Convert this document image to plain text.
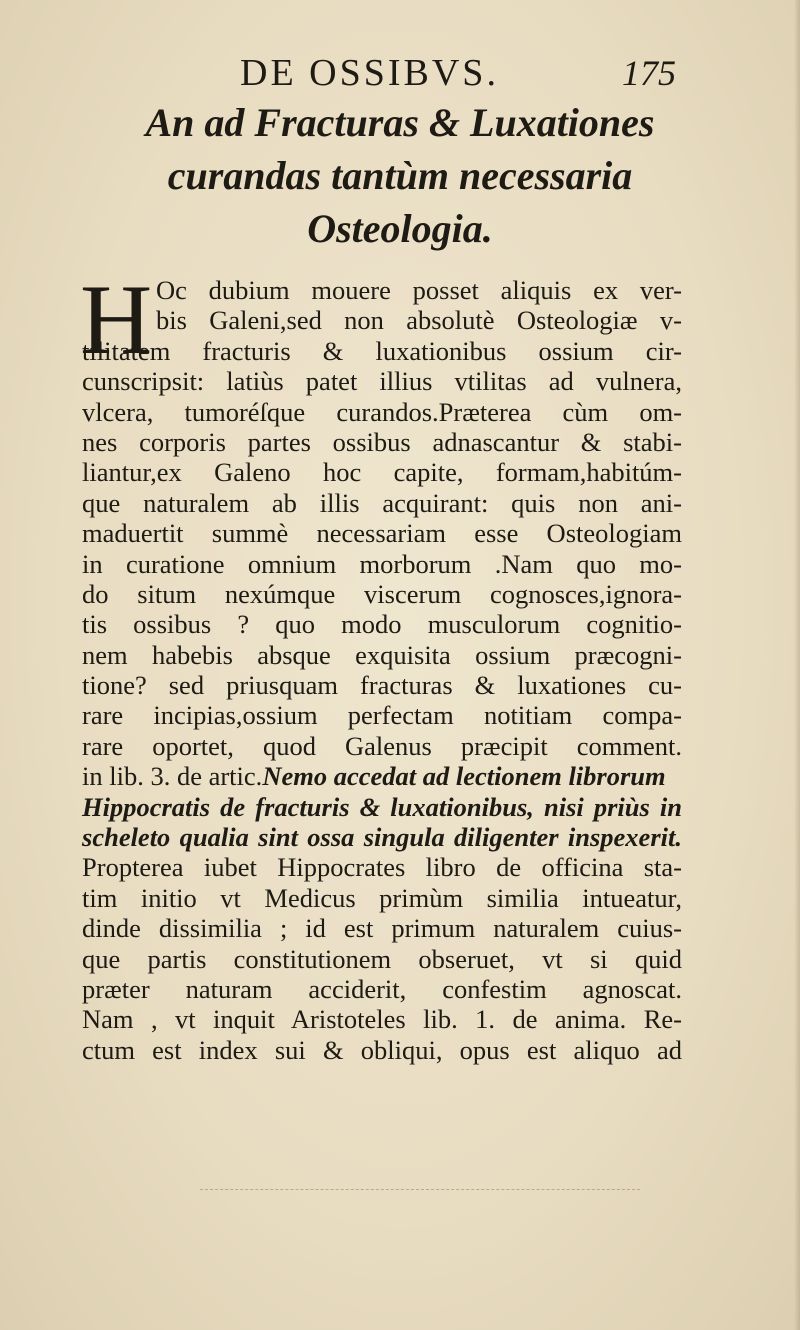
DE OSSIBVS.	175
An ad Fracturas & Luxationes
curandas tantùm necessaria
Osteologia.
H Oc dubium mouere posset aliquis ex ver-
bis Galeni,sed non absolutè Osteologiæ v-
tilitatem fracturis & luxationibus ossium cir-
cunscripsit: latiùs patet illius vtilitas ad vulnera,
vlcera, tumoréſque curandos.Præterea cùm om-
nes corporis partes ossibus adnascantur & stabi-
liantur,ex Galeno hoc capite, formam,habitúm-
que naturalem ab illis acquirant: quis non ani-
maduertit summè necessariam esse Osteologiam
in curatione omnium morborum .Nam quo mo-
do situm nexúmque viscerum cognosces,ignora-
tis ossibus ? quo modo musculorum cognitio-
nem habebis absque exquisita ossium præcogni-
tione? sed priusquam fracturas & luxationes cu-
rare incipias,ossium perfectam notitiam compa-
rare oportet, quod Galenus præcipit comment.
in lib. 3. de artic.Nemo accedat ad lectionem librorum
Hippocratis de fracturis & luxationibus, nisi priùs in
scheleto qualia sint ossa singula diligenter inspexerit.
Propterea iubet Hippocrates libro de officina sta-
tim initio vt Medicus primùm similia intueatur,
dinde dissimilia ; id est primum naturalem cuius-
que partis constitutionem obseruet, vt si quid
præter naturam acciderit, confestim agnoscat.
Nam , vt inquit Aristoteles lib. 1. de anima. Re-
ctum est index sui & obliqui, opus est aliquo ad
